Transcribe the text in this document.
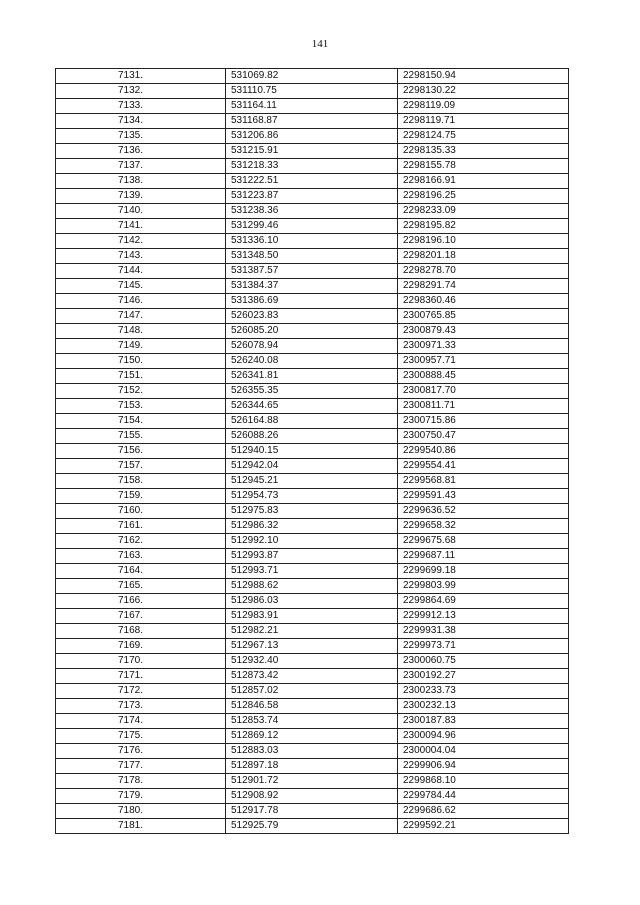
141
7131.	531069.82	2298150.94
7132.	531110.75	2298130.22
7133.	531164.11	2298119.09
7134.	531168.87	2298119.71
7135.	531206.86	2298124.75
7136.	531215.91	2298135.33
7137.	531218.33	2298155.78
7138.	531222.51	2298166.91
7139.	531223.87	2298196.25
7140.	531238.36	2298233.09
7141.	531299.46	2298195.82
7142.	531336.10	2298196.10
7143.	531348.50	2298201.18
7144.	531387.57	2298278.70
7145.	531384.37	2298291.74
7146.	531386.69	2298360.46
7147.	526023.83	2300765.85
7148.	526085.20	2300879.43
7149.	526078.94	2300971.33
7150.	526240.08	2300957.71
7151.	526341.81	2300888.45
7152.	526355.35	2300817.70
7153.	526344.65	2300811.71
7154.	526164.88	2300715.86
7155.	526088.26	2300750.47
7156.	512940.15	2299540.86
7157.	512942.04	2299554.41
7158.	512945.21	2299568.81
7159.	512954.73	2299591.43
7160.	512975.83	2299636.52
7161.	512986.32	2299658.32
7162.	512992.10	2299675.68
7163.	512993.87	2299687.11
7164.	512993.71	2299699.18
7165.	512988.62	2299803.99
7166.	512986.03	2299864.69
7167.	512983.91	2299912.13
7168.	512982.21	2299931.38
7169.	512967.13	2299973.71
7170.	512932.40	2300060.75
7171.	512873.42	2300192.27
7172.	512857.02	2300233.73
7173.	512846.58	2300232.13
7174.	512853.74	2300187.83
7175.	512869.12	2300094.96
7176.	512883.03	2300004.04
7177.	512897.18	2299906.94
7178.	512901.72	2299868.10
7179.	512908.92	2299784.44
7180.	512917.78	2299686.62
7181.	512925.79	2299592.21
